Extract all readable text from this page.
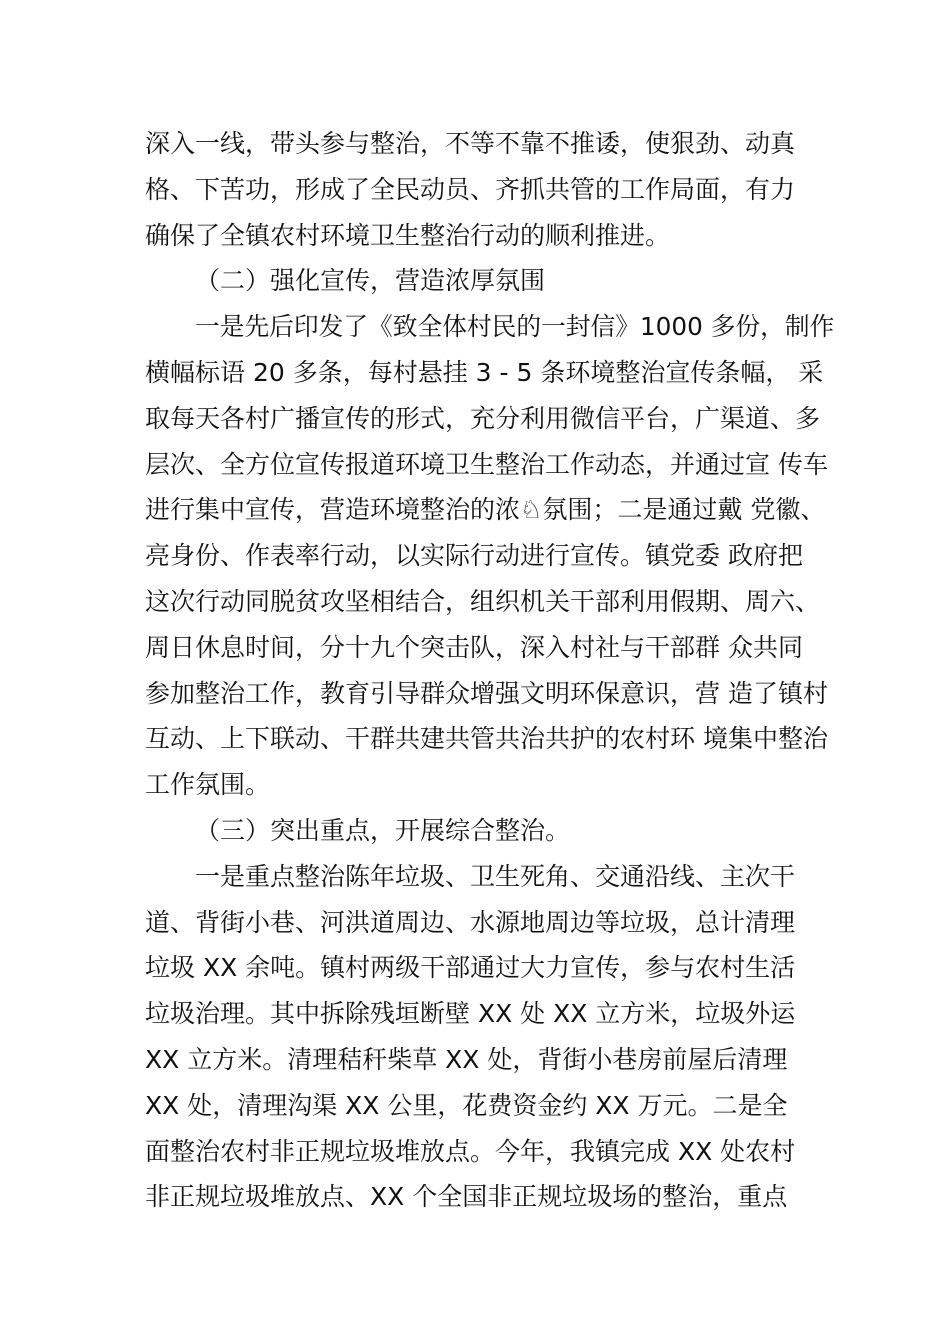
深入一线，带头参与整治，不等不靠不推诿，使狠劲、动真
格、下苦功，形成了全民动员、齐抓共管的工作局面，有力
确保了全镇农村环境卫生整治行动的顺利推进。
（二）强化宣传，营造浓厚氛围
一是先后印发了《致全体村民的一封信》1000 多份，制作
横幅标语 20 多条，每村悬挂 3 - 5 条环境整治宣传条幅， 采
取每天各村广播宣传的形式，充分利用微信平台，广渠道、多
层次、全方位宣传报道环境卫生整治工作动态，并通过宣 传车
进行集中宣传，营造环境整治的浓♘氛围；二是通过戴 党徽、
亮身份、作表率行动，以实际行动进行宣传。镇党委 政府把
这次行动同脱贫攻坚相结合，组织机关干部利用假期、周六、
周日休息时间，分十九个突击队，深入村社与干部群 众共同
参加整治工作，教育引导群众增强文明环保意识，营 造了镇村
互动、上下联动、干群共建共管共治共护的农村环 境集中整治
工作氛围。
（三）突出重点，开展综合整治。
一是重点整治陈年垃圾、卫生死角、交通沿线、主次干
道、背街小巷、河洪道周边、水源地周边等垃圾，总计清理
垃圾 XX 余吨。镇村两级干部通过大力宣传，参与农村生活
垃圾治理。其中拆除残垣断壁 XX 处 XX 立方米，垃圾外运
XX 立方米。清理秸秆柴草 XX 处，背街小巷房前屋后清理
XX 处，清理沟渠 XX 公里，花费资金约 XX 万元。二是全
面整治农村非正规垃圾堆放点。今年，我镇完成 XX 处农村
非正规垃圾堆放点、XX 个全国非正规垃圾场的整治，重点
